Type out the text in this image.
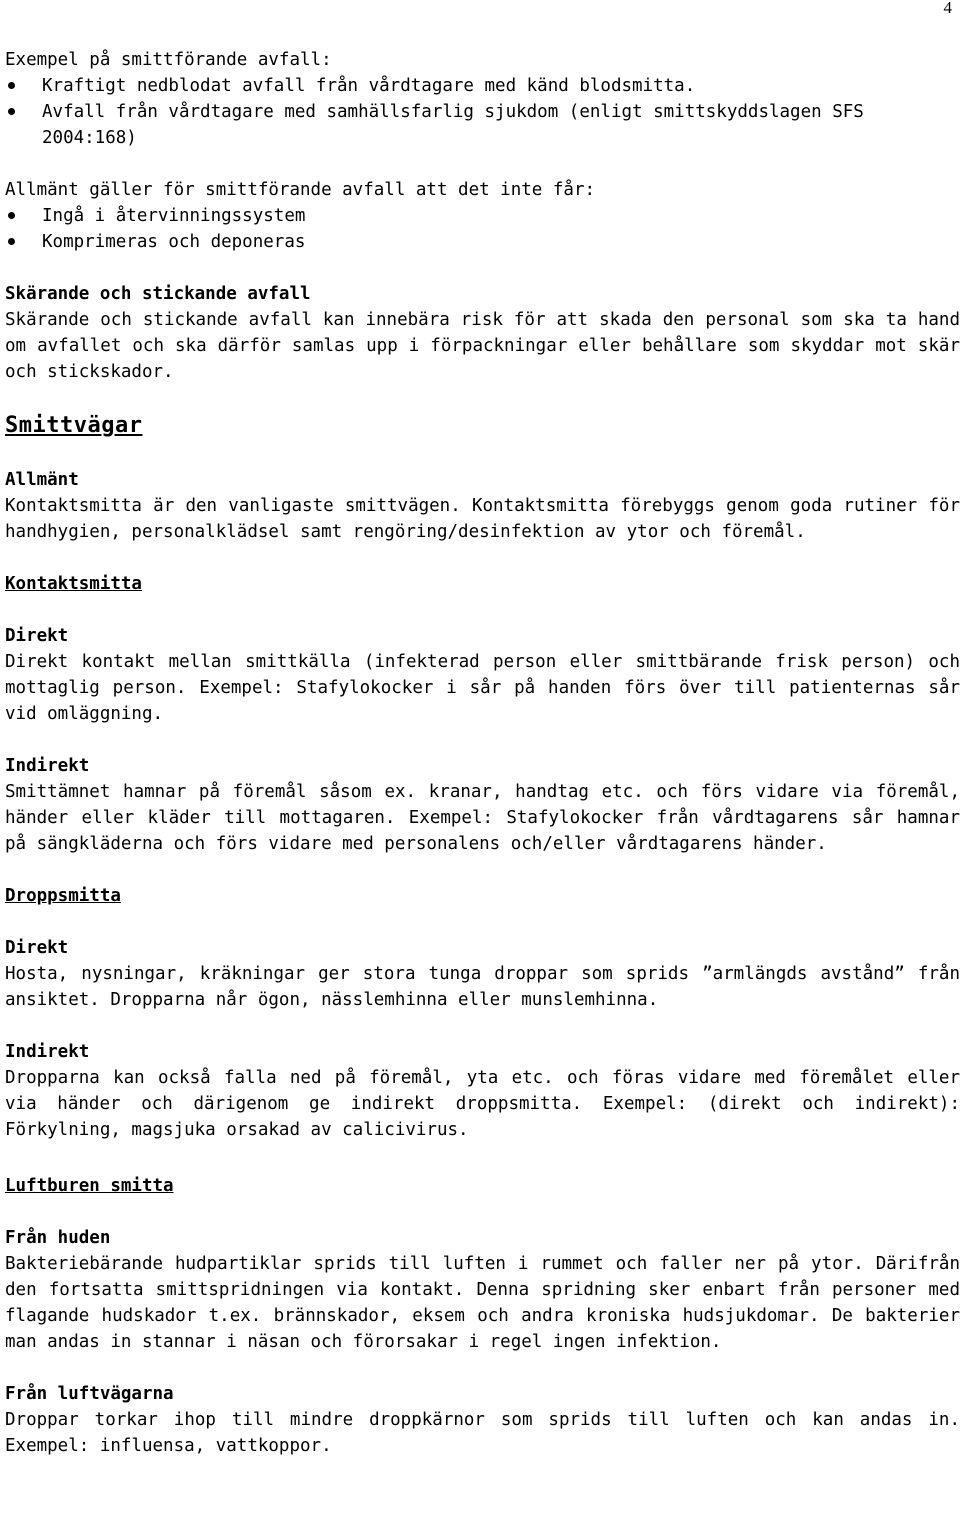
4

Exempel på smittförande avfall:

Kraftigt nedblodat avfall från vårdtagare med känd blodsmitta.
Avfall från vårdtagare med samhällsfarlig sjukdom (enligt smittskyddslagen SFS 2004:168)

Allmänt gäller för smittförande avfall att det inte får:

Ingå i återvinningssystem
Komprimeras och deponeras

Skärande och stickande avfall

Skärande och stickande avfall kan innebära risk för att skada den personal som ska ta hand om avfallet och ska därför samlas upp i förpackningar eller behållare som skyddar mot skär och stickskador.

Smittvägar

Allmänt

Kontaktsmitta är den vanligaste smittvägen. Kontaktsmitta förebyggs genom goda rutiner för handhygien, personalklädsel samt rengöring/desinfektion av ytor och föremål.

Kontaktsmitta

Direkt

Direkt kontakt mellan smittkälla (infekterad person eller smittbärande frisk person) och mottaglig person. Exempel: Stafylokocker i sår på handen förs över till patienternas sår vid omläggning.

Indirekt

Smittämnet hamnar på föremål såsom ex. kranar, handtag etc. och förs vidare via föremål, händer eller kläder till mottagaren. Exempel: Stafylokocker från vårdtagarens sår hamnar på sängkläderna och förs vidare med personalens och/eller vårdtagarens händer.

Droppsmitta

Direkt

Hosta, nysningar, kräkningar ger stora tunga droppar som sprids ”armlängds avstånd” från ansiktet. Dropparna når ögon, nässlemhinna eller munslemhinna.

Indirekt

Dropparna kan också falla ned på föremål, yta etc. och föras vidare med föremålet eller via händer och därigenom ge indirekt droppsmitta. Exempel: (direkt och indirekt): Förkylning, magsjuka orsakad av calicivirus.

Luftburen smitta

Från huden

Bakteriebärande hudpartiklar sprids till luften i rummet och faller ner på ytor. Därifrån den fortsatta smittspridningen via kontakt. Denna spridning sker enbart från personer med flagande hudskador t.ex. brännskador, eksem och andra kroniska hudsjukdomar. De bakterier man andas in stannar i näsan och förorsakar i regel ingen infektion.

Från luftvägarna

Droppar torkar ihop till mindre droppkärnor som sprids till luften och kan andas in. Exempel: influensa, vattkoppor.
